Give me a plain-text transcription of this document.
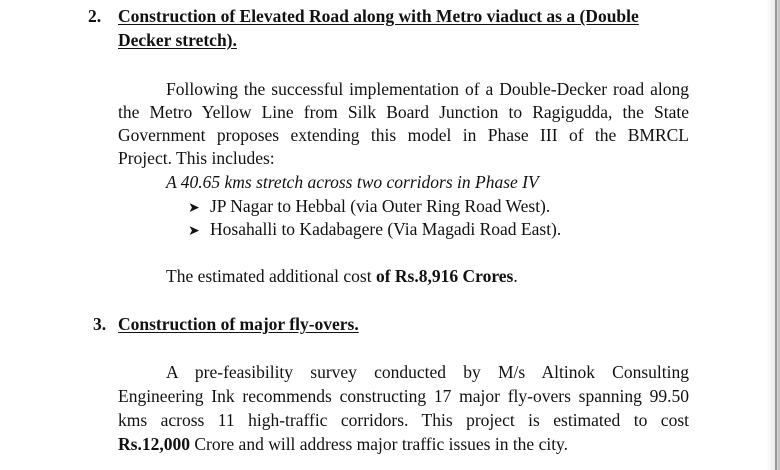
2. Construction of Elevated Road along with Metro viaduct as a (Double
Decker stretch).
Following the successful implementation of a Double-Decker road along
the Metro Yellow Line from Silk Board Junction to Ragigudda, the State
Government proposes extending this model in Phase III of the BMRCL
Project. This includes:
A 40.65 kms stretch across two corridors in Phase IV
➤ JP Nagar to Hebbal (via Outer Ring Road West).
➤ Hosahalli to Kadabagere (Via Magadi Road East).
The estimated additional cost of Rs.8,916 Crores.
3. Construction of major fly-overs.
A pre-feasibility survey conducted by M/s Altinok Consulting
Engineering Ink recommends constructing 17 major fly-overs spanning 99.50
kms across 11 high-traffic corridors. This project is estimated to cost
Rs.12,000 Crore and will address major traffic issues in the city.
